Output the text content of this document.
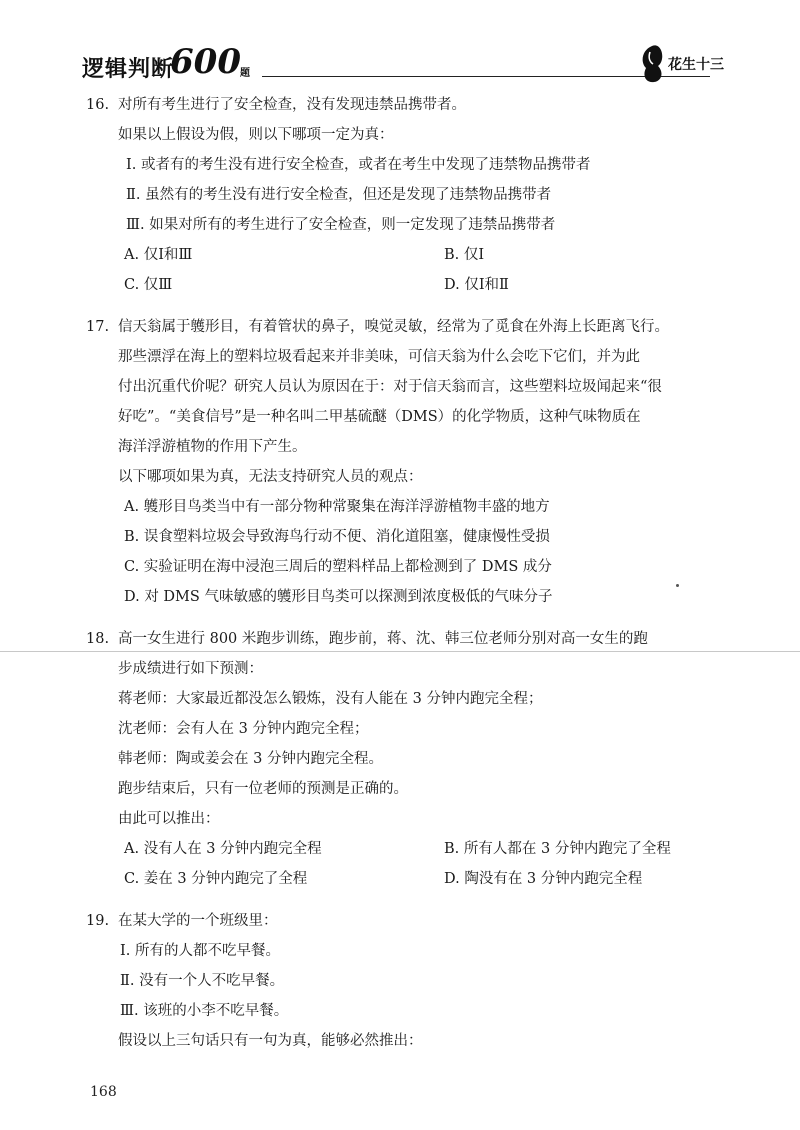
逻辑判断
600 题
花生十三
16. 对所有考生进行了安全检查，没有发现违禁品携带者。
如果以上假设为假，则以下哪项一定为真：
Ⅰ. 或者有的考生没有进行安全检查，或者在考生中发现了违禁物品携带者
Ⅱ. 虽然有的考生没有进行安全检查，但还是发现了违禁物品携带者
Ⅲ. 如果对所有的考生进行了安全检查，则一定发现了违禁品携带者
A. 仅Ⅰ和Ⅲ	B. 仅Ⅰ
C. 仅Ⅲ	D. 仅Ⅰ和Ⅱ
17. 信天翁属于鹱形目，有着管状的鼻子，嗅觉灵敏，经常为了觅食在外海上长距离飞行。
那些漂浮在海上的塑料垃圾看起来并非美味，可信天翁为什么会吃下它们，并为此
付出沉重代价呢？研究人员认为原因在于：对于信天翁而言，这些塑料垃圾闻起来“很
好吃”。“美食信号”是一种名叫二甲基硫醚（DMS）的化学物质，这种气味物质在
海洋浮游植物的作用下产生。
以下哪项如果为真，无法支持研究人员的观点：
A. 鹱形目鸟类当中有一部分物种常聚集在海洋浮游植物丰盛的地方
B. 误食塑料垃圾会导致海鸟行动不便、消化道阻塞，健康慢性受损
C. 实验证明在海中浸泡三周后的塑料样品上都检测到了 DMS 成分
D. 对 DMS 气味敏感的鹱形目鸟类可以探测到浓度极低的气味分子
18. 高一女生进行 800 米跑步训练，跑步前，蒋、沈、韩三位老师分别对高一女生的跑
步成绩进行如下预测：
蒋老师：大家最近都没怎么锻炼，没有人能在 3 分钟内跑完全程；
沈老师：会有人在 3 分钟内跑完全程；
韩老师：陶或姜会在 3 分钟内跑完全程。
跑步结束后，只有一位老师的预测是正确的。
由此可以推出：
A. 没有人在 3 分钟内跑完全程	B. 所有人都在 3 分钟内跑完了全程
C. 姜在 3 分钟内跑完了全程	D. 陶没有在 3 分钟内跑完全程
19. 在某大学的一个班级里：
Ⅰ. 所有的人都不吃早餐。
Ⅱ. 没有一个人不吃早餐。
Ⅲ. 该班的小李不吃早餐。
假设以上三句话只有一句为真，能够必然推出：
168
